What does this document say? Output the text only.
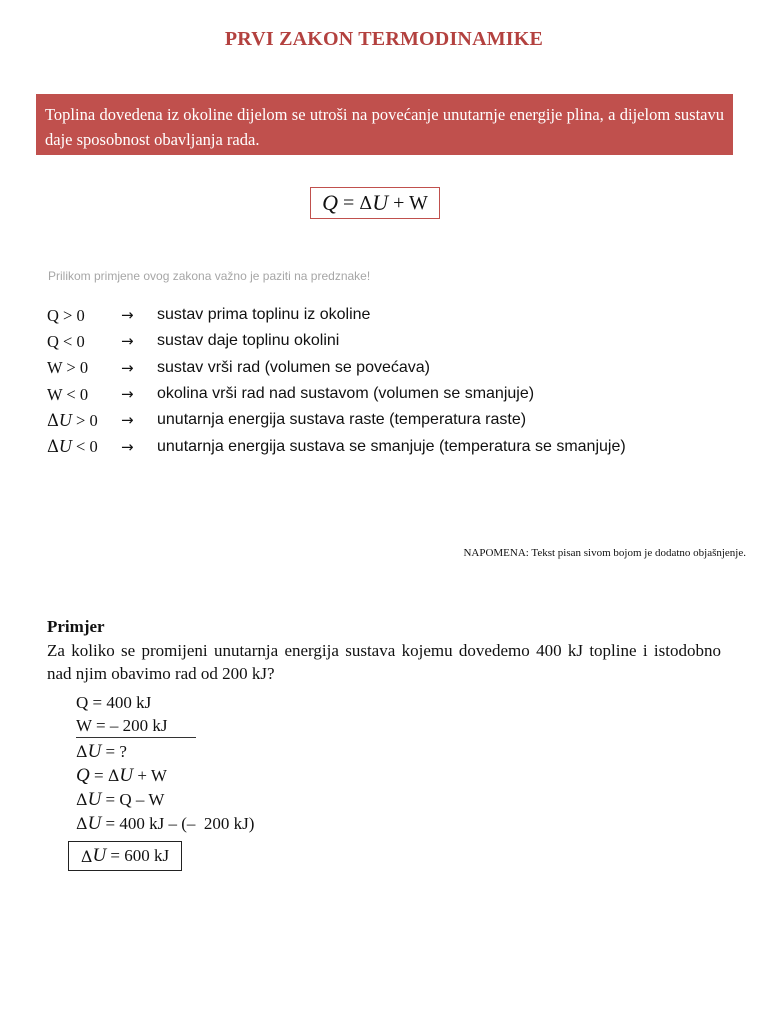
PRVI ZAKON TERMODINAMIKE
Toplina dovedena iz okoline dijelom se utroši na povećanje unutarnje energije plina, a dijelom sustavu daje sposobnost obavljanja rada.
Q = Δ U + W
Prilikom primjene ovog zakona važno je paziti na predznake!
Q > 0	→	sustav prima toplinu iz okoline
Q < 0	→	sustav daje toplinu okolini
W > 0	→	sustav vrši rad (volumen se povećava)
W < 0	→	okolina vrši rad nad sustavom (volumen se smanjuje)
ΔU > 0	→	unutarnja energija sustava raste (temperatura raste)
ΔU < 0	→	unutarnja energija sustava se smanjuje (temperatura se smanjuje)
NAPOMENA: Tekst pisan sivom bojom je dodatno objašnjenje.
Primjer
Za koliko se promijeni unutarnja energija sustava kojemu dovedemo 400 kJ topline i istodobno nad njim obavimo rad od 200 kJ?
Q = 400 kJ
W = – 200 kJ
ΔU = ?
Q = ΔU + W
ΔU = Q – W
ΔU = 400 kJ – (–  200 kJ)
Δ U = 600 kJ
